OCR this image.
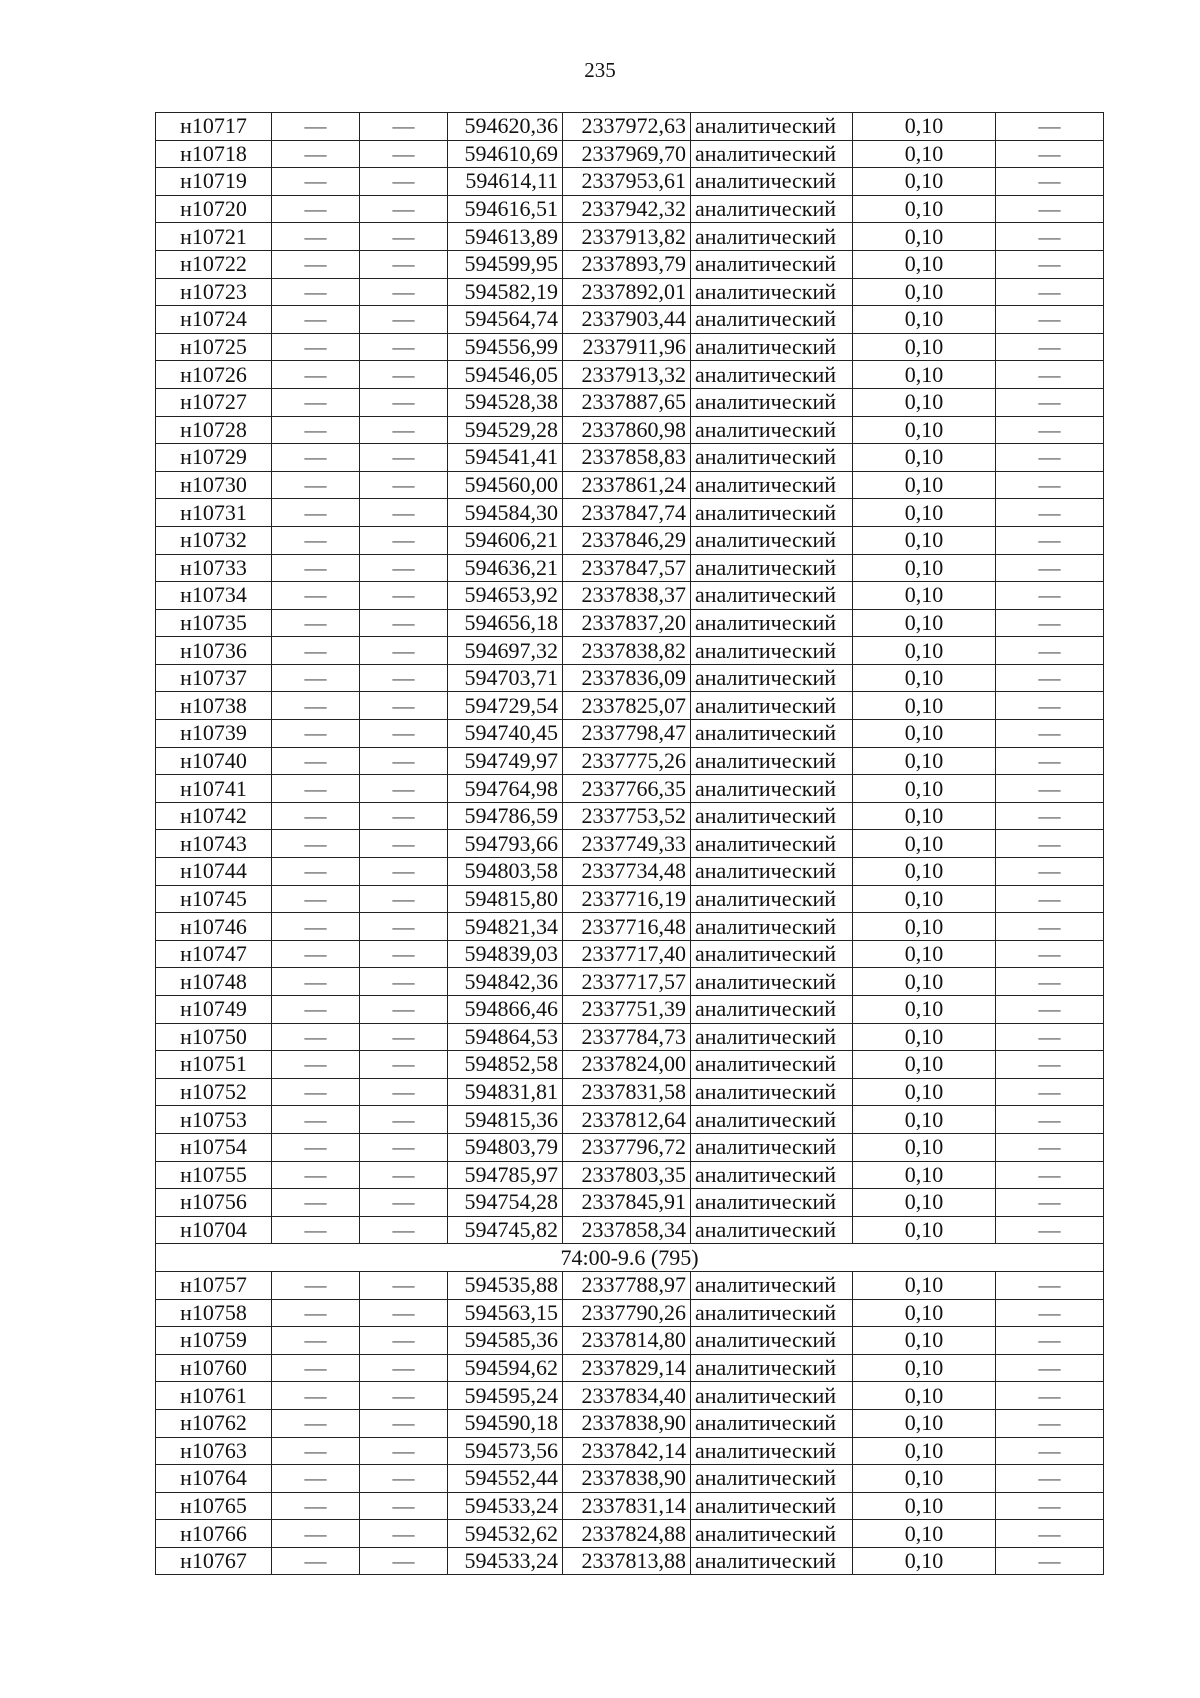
235
н10717	—	—	594620,36	2337972,63	аналитический	0,10	—
н10718	—	—	594610,69	2337969,70	аналитический	0,10	—
н10719	—	—	594614,11	2337953,61	аналитический	0,10	—
н10720	—	—	594616,51	2337942,32	аналитический	0,10	—
н10721	—	—	594613,89	2337913,82	аналитический	0,10	—
н10722	—	—	594599,95	2337893,79	аналитический	0,10	—
н10723	—	—	594582,19	2337892,01	аналитический	0,10	—
н10724	—	—	594564,74	2337903,44	аналитический	0,10	—
н10725	—	—	594556,99	2337911,96	аналитический	0,10	—
н10726	—	—	594546,05	2337913,32	аналитический	0,10	—
н10727	—	—	594528,38	2337887,65	аналитический	0,10	—
н10728	—	—	594529,28	2337860,98	аналитический	0,10	—
н10729	—	—	594541,41	2337858,83	аналитический	0,10	—
н10730	—	—	594560,00	2337861,24	аналитический	0,10	—
н10731	—	—	594584,30	2337847,74	аналитический	0,10	—
н10732	—	—	594606,21	2337846,29	аналитический	0,10	—
н10733	—	—	594636,21	2337847,57	аналитический	0,10	—
н10734	—	—	594653,92	2337838,37	аналитический	0,10	—
н10735	—	—	594656,18	2337837,20	аналитический	0,10	—
н10736	—	—	594697,32	2337838,82	аналитический	0,10	—
н10737	—	—	594703,71	2337836,09	аналитический	0,10	—
н10738	—	—	594729,54	2337825,07	аналитический	0,10	—
н10739	—	—	594740,45	2337798,47	аналитический	0,10	—
н10740	—	—	594749,97	2337775,26	аналитический	0,10	—
н10741	—	—	594764,98	2337766,35	аналитический	0,10	—
н10742	—	—	594786,59	2337753,52	аналитический	0,10	—
н10743	—	—	594793,66	2337749,33	аналитический	0,10	—
н10744	—	—	594803,58	2337734,48	аналитический	0,10	—
н10745	—	—	594815,80	2337716,19	аналитический	0,10	—
н10746	—	—	594821,34	2337716,48	аналитический	0,10	—
н10747	—	—	594839,03	2337717,40	аналитический	0,10	—
н10748	—	—	594842,36	2337717,57	аналитический	0,10	—
н10749	—	—	594866,46	2337751,39	аналитический	0,10	—
н10750	—	—	594864,53	2337784,73	аналитический	0,10	—
н10751	—	—	594852,58	2337824,00	аналитический	0,10	—
н10752	—	—	594831,81	2337831,58	аналитический	0,10	—
н10753	—	—	594815,36	2337812,64	аналитический	0,10	—
н10754	—	—	594803,79	2337796,72	аналитический	0,10	—
н10755	—	—	594785,97	2337803,35	аналитический	0,10	—
н10756	—	—	594754,28	2337845,91	аналитический	0,10	—
н10704	—	—	594745,82	2337858,34	аналитический	0,10	—
74:00-9.6 (795)							
н10757	—	—	594535,88	2337788,97	аналитический	0,10	—
н10758	—	—	594563,15	2337790,26	аналитический	0,10	—
н10759	—	—	594585,36	2337814,80	аналитический	0,10	—
н10760	—	—	594594,62	2337829,14	аналитический	0,10	—
н10761	—	—	594595,24	2337834,40	аналитический	0,10	—
н10762	—	—	594590,18	2337838,90	аналитический	0,10	—
н10763	—	—	594573,56	2337842,14	аналитический	0,10	—
н10764	—	—	594552,44	2337838,90	аналитический	0,10	—
н10765	—	—	594533,24	2337831,14	аналитический	0,10	—
н10766	—	—	594532,62	2337824,88	аналитический	0,10	—
н10767	—	—	594533,24	2337813,88	аналитический	0,10	—
